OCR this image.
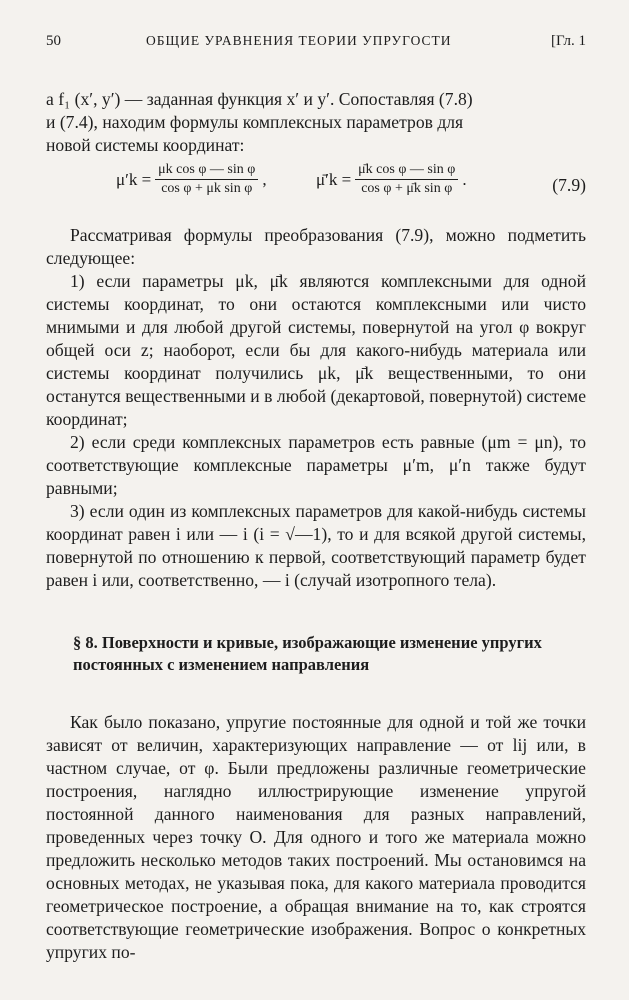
50	ОБЩИЕ УРАВНЕНИЯ ТЕОРИИ УПРУГОСТИ	[Гл. 1

а f₁ (x′, y′) — заданная функция x′ и y′. Сопоставляя (7.8)

и (7.4), находим формулы комплексных параметров для

новой системы координат:

$\mu'k = \frac{\text{μk cos φ — sin φ}}{\text{cos φ + μk sin φ}}$ ,	μ̄′k = $\frac{\text{μ̄k cos φ — sin φ}}{\text{cos φ + μ̄k sin φ}}$ .	(7.9)

Рассматривая формулы преобразования (7.9), можно подметить следующее:

1) если параметры μk, μ̄k являются комплексными для одной системы координат, то они остаются комплексными или чисто мнимыми и для любой другой системы, повернутой на угол φ вокруг общей оси z; наоборот, если бы для какого-нибудь материала или системы координат получились μk, μ̄k вещественными, то они останутся вещественными и в любой (декартовой, повернутой) системе координат;

2) если среди комплексных параметров есть равные (μm = μn), то соответствующие комплексные параметры μ′m, μ′n также будут равными;

3) если один из комплексных параметров для какой-нибудь системы координат равен i или — i (i = √—1), то и для всякой другой системы, повернутой по отношению к первой, соответствующий параметр будет равен i или, соответственно, — i (случай изотропного тела).

§ 8. Поверхности и кривые, изображающие изменение упругих постоянных с изменением направления

Как было показано, упругие постоянные для одной и той же точки зависят от величин, характеризующих направление — от lij или, в частном случае, от φ. Были предложены различные геометрические построения, наглядно иллюстрирующие изменение упругой постоянной данного наименования для разных направлений, проведенных через точку O. Для одного и того же материала можно предложить несколько методов таких построений. Мы остановимся на основных методах, не указывая пока, для какого материала проводится геометрическое построение, а обращая внимание на то, как строятся соответствующие геометрические изображения. Вопрос о конкретных упругих по-
